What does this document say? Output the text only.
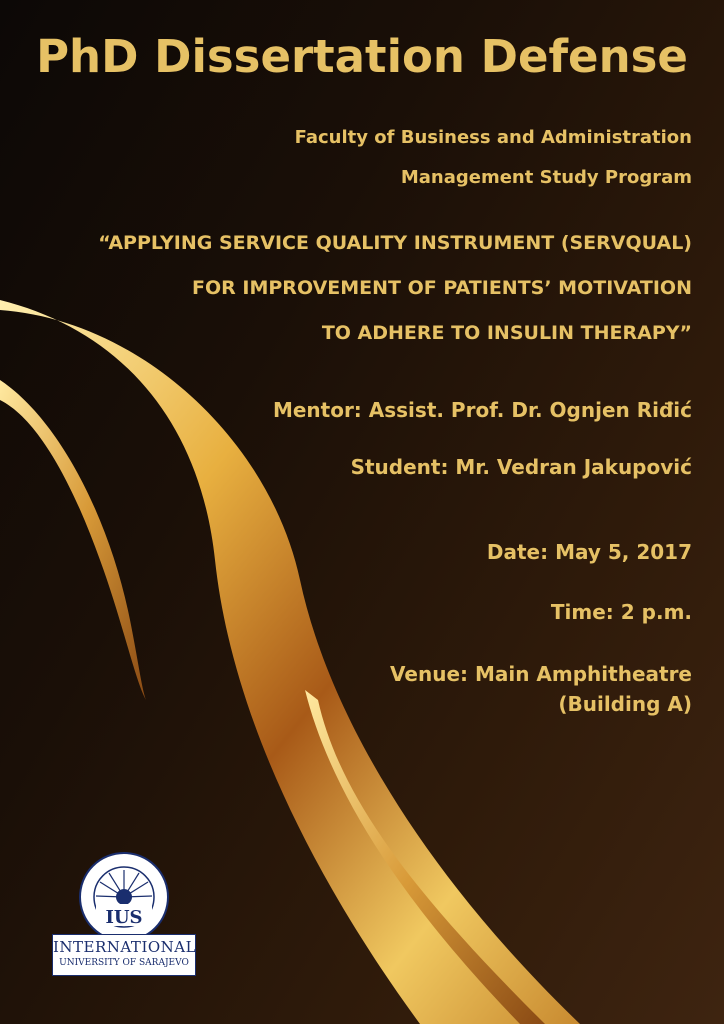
PhD Dissertation Defense
Faculty of Business and Administration
Management Study Program
“APPLYING SERVICE QUALITY INSTRUMENT (SERVQUAL)
FOR IMPROVEMENT OF PATIENTS’ MOTIVATION
TO ADHERE TO INSULIN THERAPY”
Mentor: Assist. Prof. Dr. Ognjen Riđić
Student: Mr. Vedran Jakupović
Date: May 5, 2017
Time: 2 p.m.
Venue: Main Amphitheatre
(Building A)
IUS
INTERNATIONAL
UNIVERSITY OF SARAJEVO
